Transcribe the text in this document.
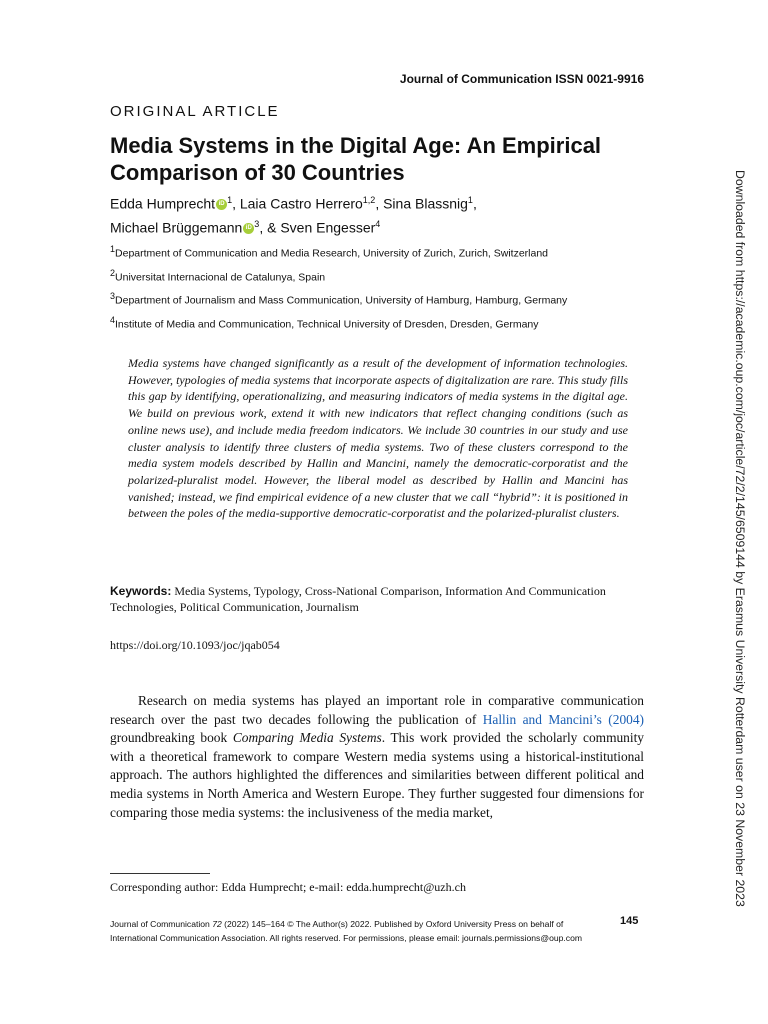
Journal of Communication ISSN 0021-9916
ORIGINAL ARTICLE
Media Systems in the Digital Age: An Empirical Comparison of 30 Countries
Edda Humprecht iD $^1$, Laia Castro Herrero$^{1,2}$, Sina Blassnig$^1$,
Michael Brüggemann iD $^3$, & Sven Engesser$^4$
$^1$Department of Communication and Media Research, University of Zurich, Zurich, Switzerland
$^2$Universitat Internacional de Catalunya, Spain
$^3$Department of Journalism and Mass Communication, University of Hamburg, Hamburg, Germany
$^4$Institute of Media and Communication, Technical University of Dresden, Dresden, Germany

Media systems have changed significantly as a result of the development of information technologies. However, typologies of media systems that incorporate aspects of digitalization are rare. This study fills this gap by identifying, operationalizing, and measuring indicators of media systems in the digital age. We build on previous work, extend it with new indicators that reflect changing conditions (such as online news use), and include media freedom indicators. We include 30 countries in our study and use cluster analysis to identify three clusters of media systems. Two of these clusters correspond to the media system models described by Hallin and Mancini, namely the democratic-corporatist and the polarized-pluralist model. However, the liberal model as described by Hallin and Mancini has vanished; instead, we find empirical evidence of a new cluster that we call “hybrid”: it is positioned in between the poles of the media-supportive democratic-corporatist and the polarized-pluralist clusters.

Keywords: Media Systems, Typology, Cross-National Comparison, Information And Communication Technologies, Political Communication, Journalism
https://doi.org/10.1093/joc/jqab054

Research on media systems has played an important role in comparative communication research over the past two decades following the publication of Hallin and Mancini’s (2004) groundbreaking book Comparing Media Systems. This work provided the scholarly community with a theoretical framework to compare Western media systems using a historical-institutional approach. The authors highlighted the differences and similarities between different political and media systems in North America and Western Europe. They further suggested four dimensions for comparing those media systems: the inclusiveness of the media market,

Corresponding author: Edda Humprecht; e-mail: edda.humprecht@uzh.ch
Journal of Communication 72 (2022) 145–164 © The Author(s) 2022. Published by Oxford University Press on behalf of International Communication Association. All rights reserved. For permissions, please email: journals.permissions@oup.com
145
Downloaded from https://academic.oup.com/joc/article/72/2/145/6509144 by Erasmus University Rotterdam user on 23 November 2023
